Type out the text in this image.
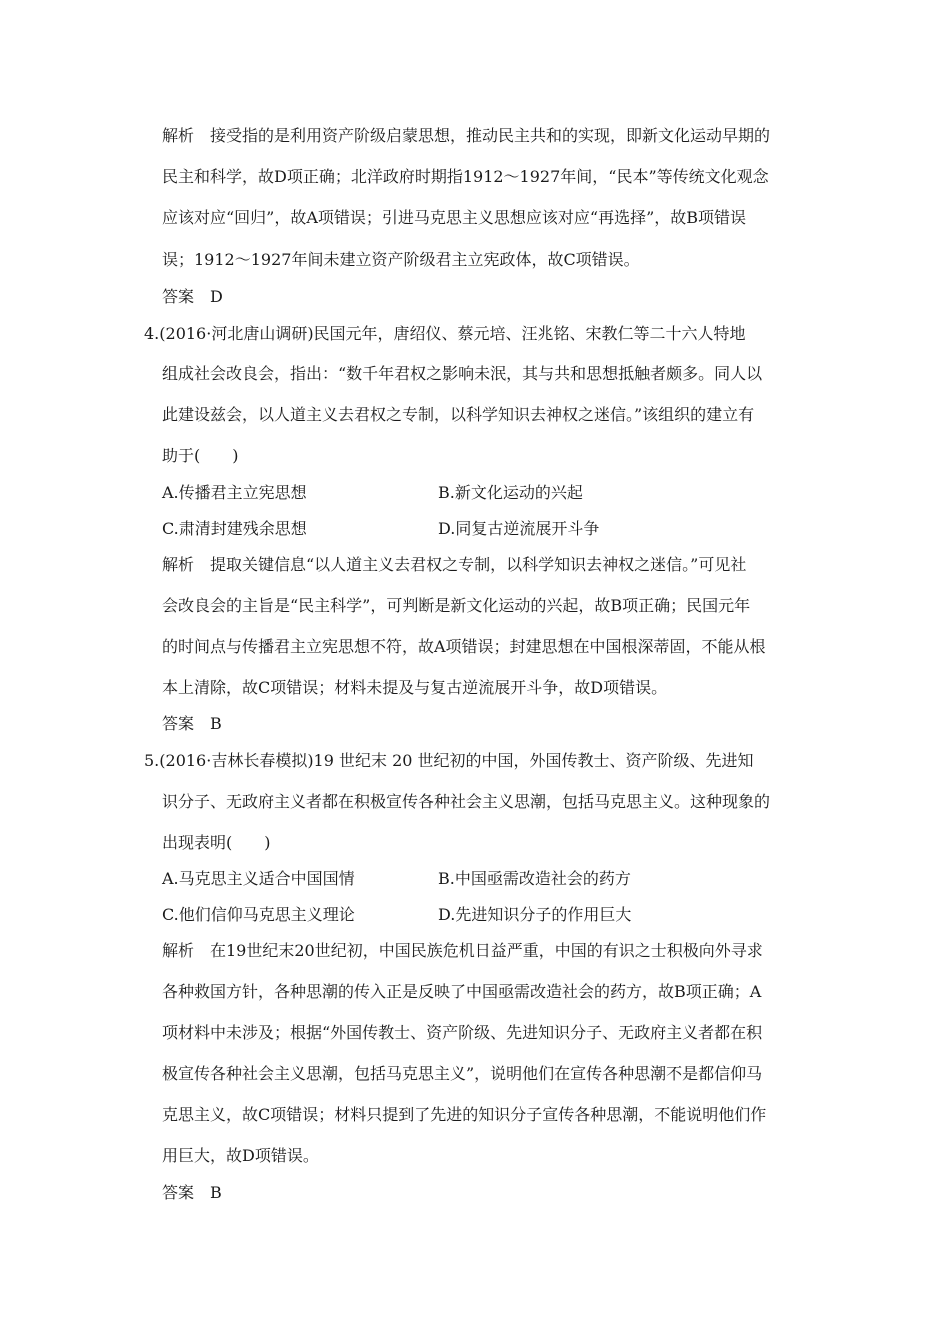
解析　接受指的是利用资产阶级启蒙思想，推动民主共和的实现，即新文化运动早期的

民主和科学，故D项正确；北洋政府时期指1912～1927年间，“民本”等传统文化观念

应该对应“回归”，故A项错误；引进马克思主义思想应该对应“再选择”，故B项错误

误；1912～1927年间未建立资产阶级君主立宪政体，故C项错误。

答案　D

4.(2016·河北唐山调研)民国元年，唐绍仪、蔡元培、汪兆铭、宋教仁等二十六人特地

组成社会改良会，指出：“数千年君权之影响未泯，其与共和思想抵触者颇多。同人以

此建设兹会，以人道主义去君权之专制，以科学知识去神权之迷信。”该组织的建立有

助于(　　)

A.传播君主立宪思想	B.新文化运动的兴起

C.肃清封建残余思想	D.同复古逆流展开斗争

解析　提取关键信息“以人道主义去君权之专制，以科学知识去神权之迷信。”可见社

会改良会的主旨是“民主科学”，可判断是新文化运动的兴起，故B项正确；民国元年

的时间点与传播君主立宪思想不符，故A项错误；封建思想在中国根深蒂固，不能从根

本上清除，故C项错误；材料未提及与复古逆流展开斗争，故D项错误。

答案　B

5.(2016·吉林长春模拟)19 世纪末 20 世纪初的中国，外国传教士、资产阶级、先进知

识分子、无政府主义者都在积极宣传各种社会主义思潮，包括马克思主义。这种现象的

出现表明(　　)

A.马克思主义适合中国国情	B.中国亟需改造社会的药方

C.他们信仰马克思主义理论	D.先进知识分子的作用巨大

解析　在19世纪末20世纪初，中国民族危机日益严重，中国的有识之士积极向外寻求

各种救国方针，各种思潮的传入正是反映了中国亟需改造社会的药方，故B项正确；A

项材料中未涉及；根据“外国传教士、资产阶级、先进知识分子、无政府主义者都在积

极宣传各种社会主义思潮，包括马克思主义”，说明他们在宣传各种思潮不是都信仰马

克思主义，故C项错误；材料只提到了先进的知识分子宣传各种思潮，不能说明他们作

用巨大，故D项错误。

答案　B
